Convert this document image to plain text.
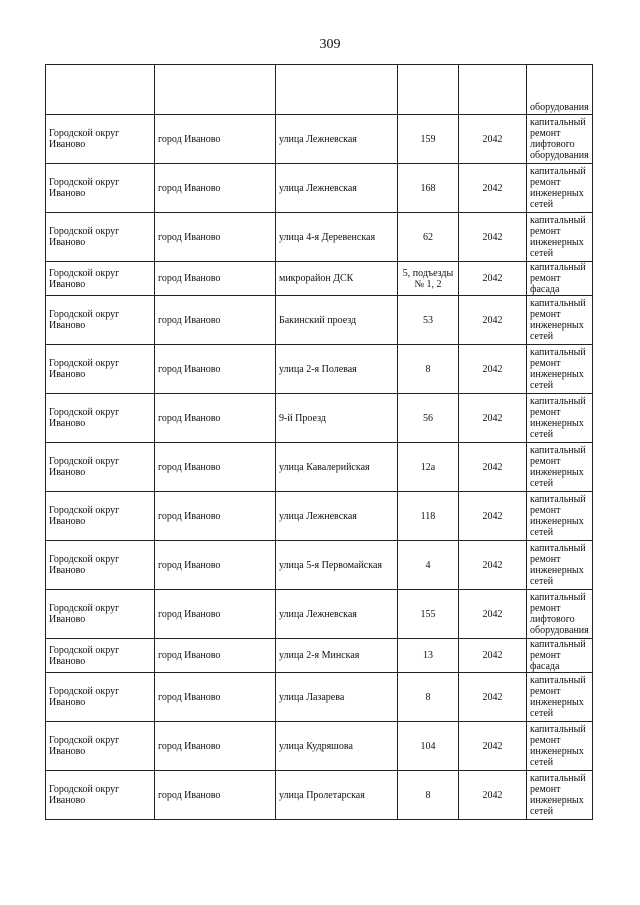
309
					оборудования
Городской округ Иваново	город Иваново	улица Лежневская	159	2042	капитальный ремонт лифтового оборудования
Городской округ Иваново	город Иваново	улица Лежневская	168	2042	капитальный ремонт инженерных сетей
Городской округ Иваново	город Иваново	улица 4-я Деревенская	62	2042	капитальный ремонт инженерных сетей
Городской округ Иваново	город Иваново	микрорайон ДСК	5, подъезды № 1, 2	2042	капитальный ремонт фасада
Городской округ Иваново	город Иваново	Бакинский проезд	53	2042	капитальный ремонт инженерных сетей
Городской округ Иваново	город Иваново	улица 2-я Полевая	8	2042	капитальный ремонт инженерных сетей
Городской округ Иваново	город Иваново	9-й Проезд	56	2042	капитальный ремонт инженерных сетей
Городской округ Иваново	город Иваново	улица Кавалерийская	12а	2042	капитальный ремонт инженерных сетей
Городской округ Иваново	город Иваново	улица Лежневская	118	2042	капитальный ремонт инженерных сетей
Городской округ Иваново	город Иваново	улица 5-я Первомайская	4	2042	капитальный ремонт инженерных сетей
Городской округ Иваново	город Иваново	улица Лежневская	155	2042	капитальный ремонт лифтового оборудования
Городской округ Иваново	город Иваново	улица 2-я Минская	13	2042	капитальный ремонт фасада
Городской округ Иваново	город Иваново	улица Лазарева	8	2042	капитальный ремонт инженерных сетей
Городской округ Иваново	город Иваново	улица Кудряшова	104	2042	капитальный ремонт инженерных сетей
Городской округ Иваново	город Иваново	улица Пролетарская	8	2042	капитальный ремонт инженерных сетей
